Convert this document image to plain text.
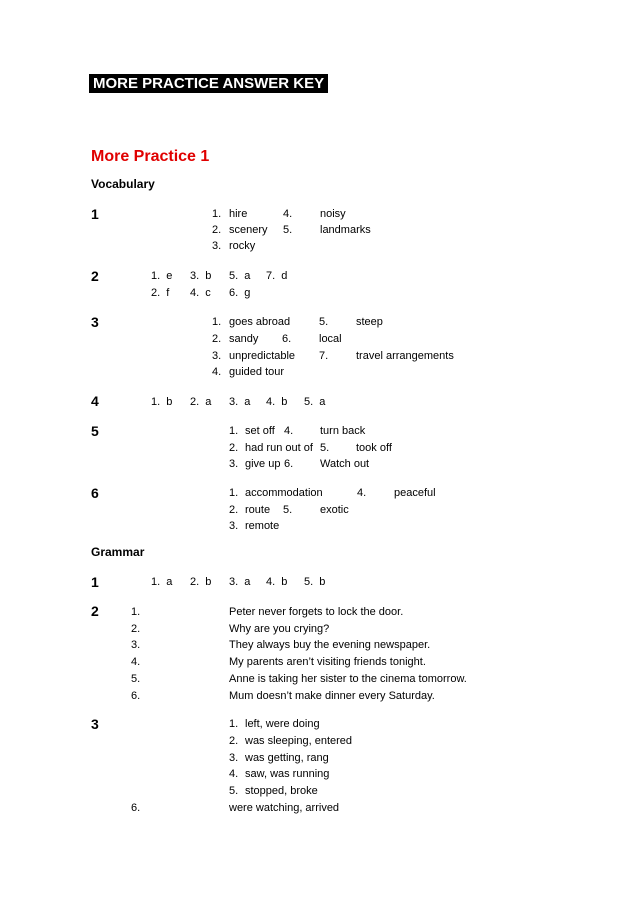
MORE PRACTICE ANSWER KEY
More Practice 1
Vocabulary
1	1. hire	4.	noisy
2. scenery 5.	landmarks
3. rocky
2	1.  e 3.  b 5.  a 7.  d
2.  f 4.  c 6.  g
3	1. goes abroad	5.	steep
2. sandy 6.	local
3. unpredictable 7.	travel arrangements
4. guided tour
4	1.  b 2.  a 3.  a 4.  b 5.  a
5	1. set off 4. turn back
2. had run out of 5. took off
3. give up 6. Watch out
6	1. accommodation	4.	peaceful
2. route 5.	exotic
3. remote
Grammar
1	1.  a 2.  b 3.  a 4.  b 5.  b
2	1.	Peter never forgets to lock the door.
2.	Why are you crying?
3.	They always buy the evening newspaper.
4.	My parents aren’t visiting friends tonight.
5.	Anne is taking her sister to the cinema tomorrow.
6.	Mum doesn’t make dinner every Saturday.
3	1. left, were doing
2. was sleeping, entered
3. was getting, rang
4. saw, was running
5. stopped, broke
6.	were watching, arrived
